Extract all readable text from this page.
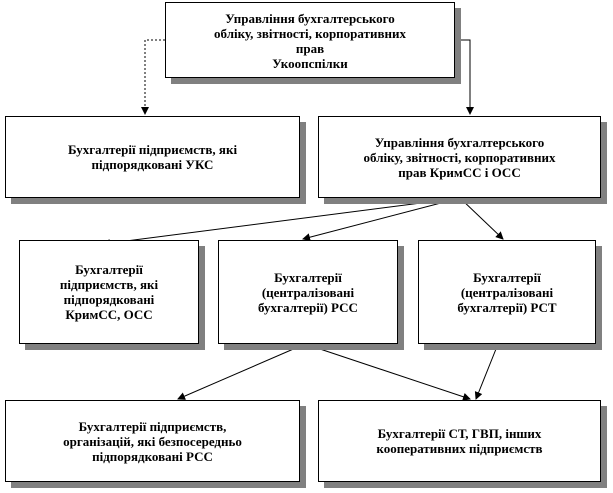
Управління бухгалтерського
обліку, звітності, корпоративних
прав
Укоопспілки
Бухгалтерії підприємств, які
підпорядковані УКС
Управління бухгалтерського
обліку, звітності, корпоративних
прав КримСС і ОСС
Бухгалтерії
підприємств, які
підпорядковані
КримСС, ОСС
Бухгалтерії
(централізовані
бухгалтерії) РСС
Бухгалтерії
(централізовані
бухгалтерії) РСТ
Бухгалтерії підприємств,
організацій, які безпосередньо
підпорядковані РСС
Бухгалтерії СТ, ГВП, інших
кооперативних підприємств
